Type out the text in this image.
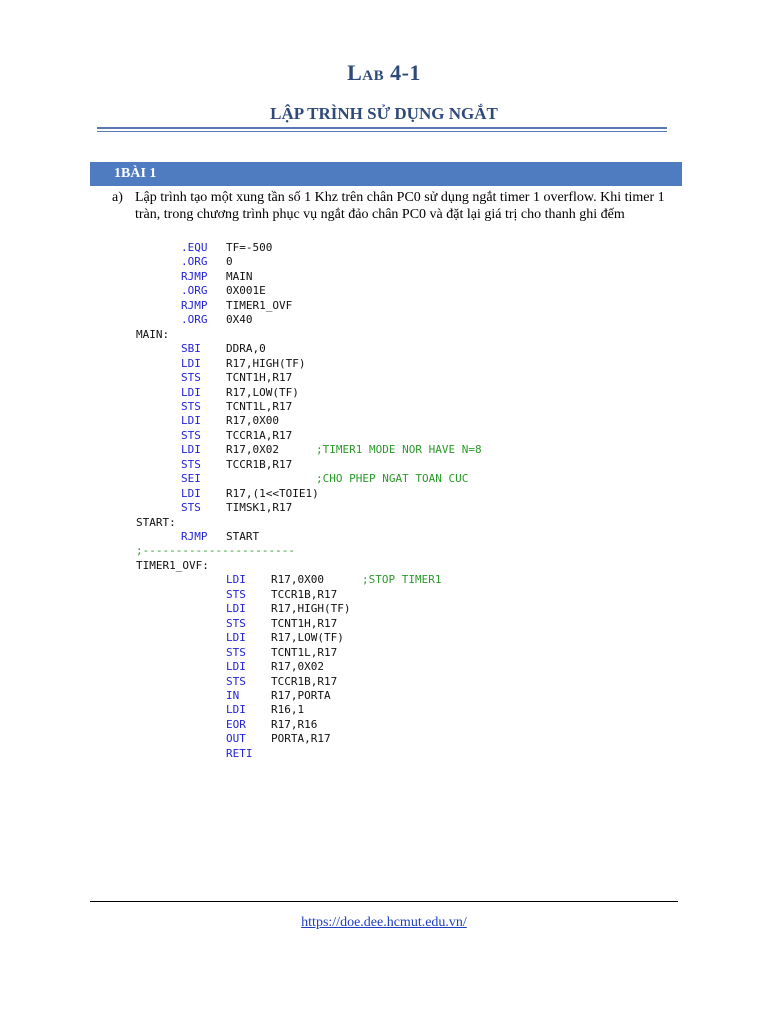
Lab 4-1
LẬP TRÌNH SỬ DỤNG NGẮT
1BÀI 1
a) Lập trình tạo một xung tần số 1 Khz trên chân PC0 sử dụng ngắt timer 1 overflow. Khi timer 1 tràn, trong chương trình phục vụ ngắt đảo chân PC0 và đặt lại giá trị cho thanh ghi đếm
.EQU TF=-500
.ORG 0
RJMP MAIN
.ORG 0X001E
RJMP TIMER1_OVF
.ORG 0X40
MAIN:
SBI DDRA,0
LDI R17,HIGH(TF)
STS TCNT1H,R17
LDI R17,LOW(TF)
STS TCNT1L,R17
LDI R17,0X00
STS TCCR1A,R17
LDI R17,0X02	;TIMER1 MODE NOR HAVE N=8
STS TCCR1B,R17
SEI	;CHO PHEP NGAT TOAN CUC
LDI R17,(1<<TOIE1)
STS TIMSK1,R17
START:
RJMP START
;-----------------------
TIMER1_OVF:
LDI R17,0X00	;STOP TIMER1
STS TCCR1B,R17
LDI R17,HIGH(TF)
STS TCNT1H,R17
LDI R17,LOW(TF)
STS TCNT1L,R17
LDI R17,0X02
STS TCCR1B,R17
IN	R17,PORTA
LDI R16,1
EOR R17,R16
OUT PORTA,R17
RETI
https://doe.dee.hcmut.edu.vn/
